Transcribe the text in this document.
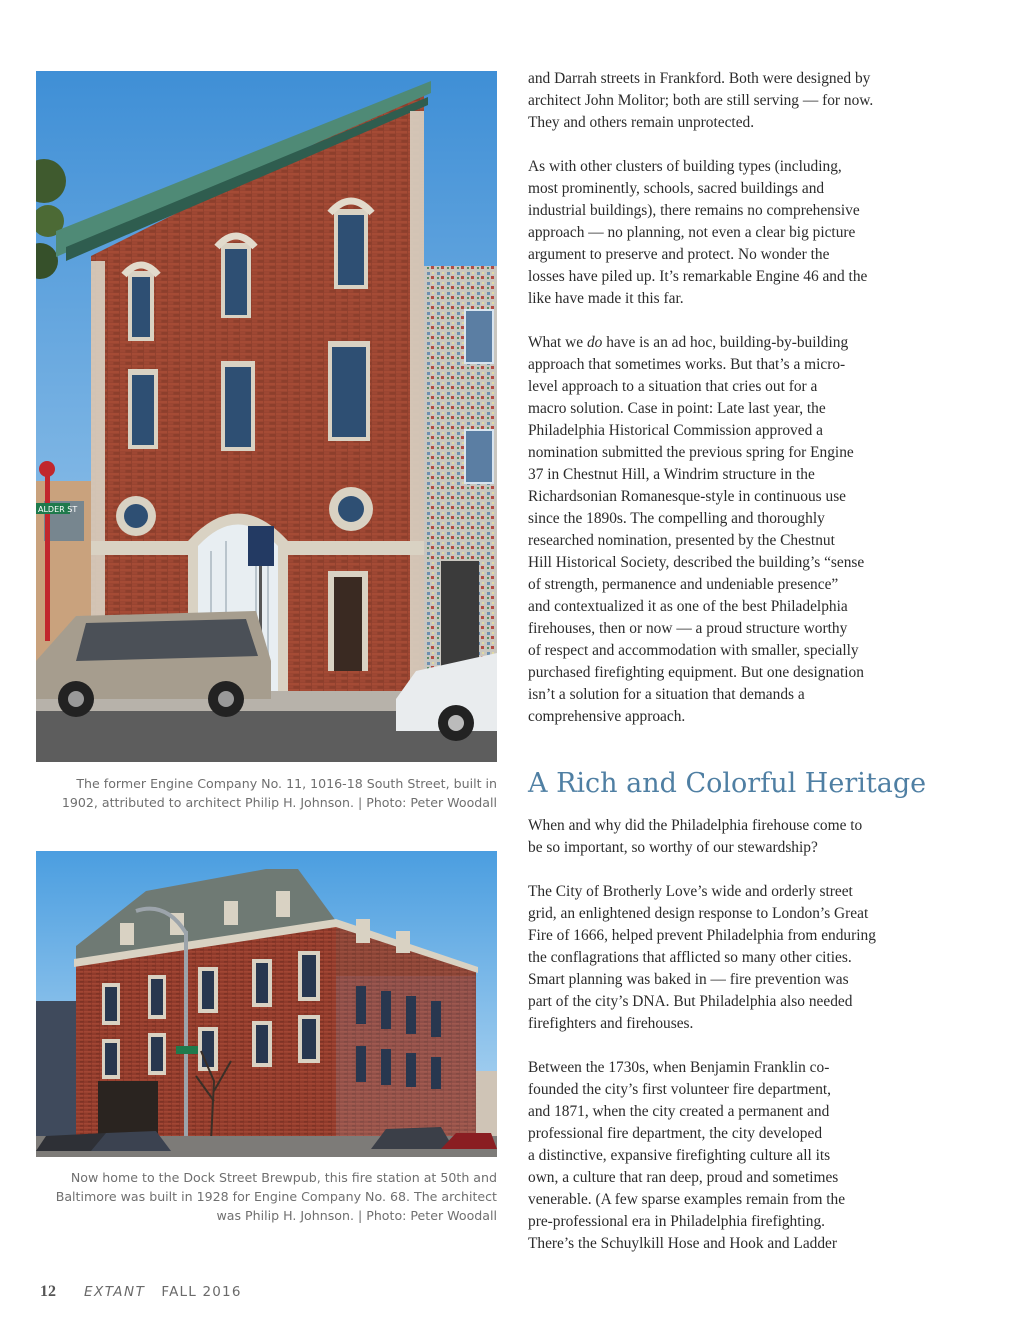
ALDER ST
The former Engine Company No. 11, 1016-18 South Street, built in
1902, attributed to architect Philip H. Johnson. | Photo: Peter Woodall
Now home to the Dock Street Brewpub, this fire station at 50th and
Baltimore was built in 1928 for Engine Company No. 68. The architect
was Philip H. Johnson. | Photo: Peter Woodall
and Darrah streets in Frankford. Both were designed by
architect John Molitor; both are still serving — for now.
They and others remain unprotected.
As with other clusters of building types (including,
most prominently, schools, sacred buildings and
industrial buildings), there remains no comprehensive
approach — no planning, not even a clear big picture
argument to preserve and protect. No wonder the
losses have piled up. It’s remarkable Engine 46 and the
like have made it this far.
What we do have is an ad hoc, building-by-building
approach that sometimes works. But that’s a micro-
level approach to a situation that cries out for a
macro solution. Case in point: Late last year, the
Philadelphia Historical Commission approved a
nomination submitted the previous spring for Engine
37 in Chestnut Hill, a Windrim structure in the
Richardsonian Romanesque-style in continuous use
since the 1890s. The compelling and thoroughly
researched nomination, presented by the Chestnut
Hill Historical Society, described the building’s “sense
of strength, permanence and undeniable presence”
and contextualized it as one of the best Philadelphia
firehouses, then or now — a proud structure worthy
of respect and accommodation with smaller, specially
purchased firefighting equipment. But one designation
isn’t a solution for a situation that demands a
comprehensive approach.
When and why did the Philadelphia firehouse come to
be so important, so worthy of our stewardship?
The City of Brotherly Love’s wide and orderly street
grid, an enlightened design response to London’s Great
Fire of 1666, helped prevent Philadelphia from enduring
the conflagrations that afflicted so many other cities.
Smart planning was baked in — fire prevention was
part of the city’s DNA. But Philadelphia also needed
firefighters and firehouses.
Between the 1730s, when Benjamin Franklin co-
founded the city’s first volunteer fire department,
and 1871, when the city created a permanent and
professional fire department, the city developed
a distinctive, expansive firefighting culture all its
own, a culture that ran deep, proud and sometimes
venerable. (A few sparse examples remain from the
pre-professional era in Philadelphia firefighting.
There’s the Schuylkill Hose and Hook and Ladder
A Rich and Colorful Heritage
12 EXTANT FALL 2016
